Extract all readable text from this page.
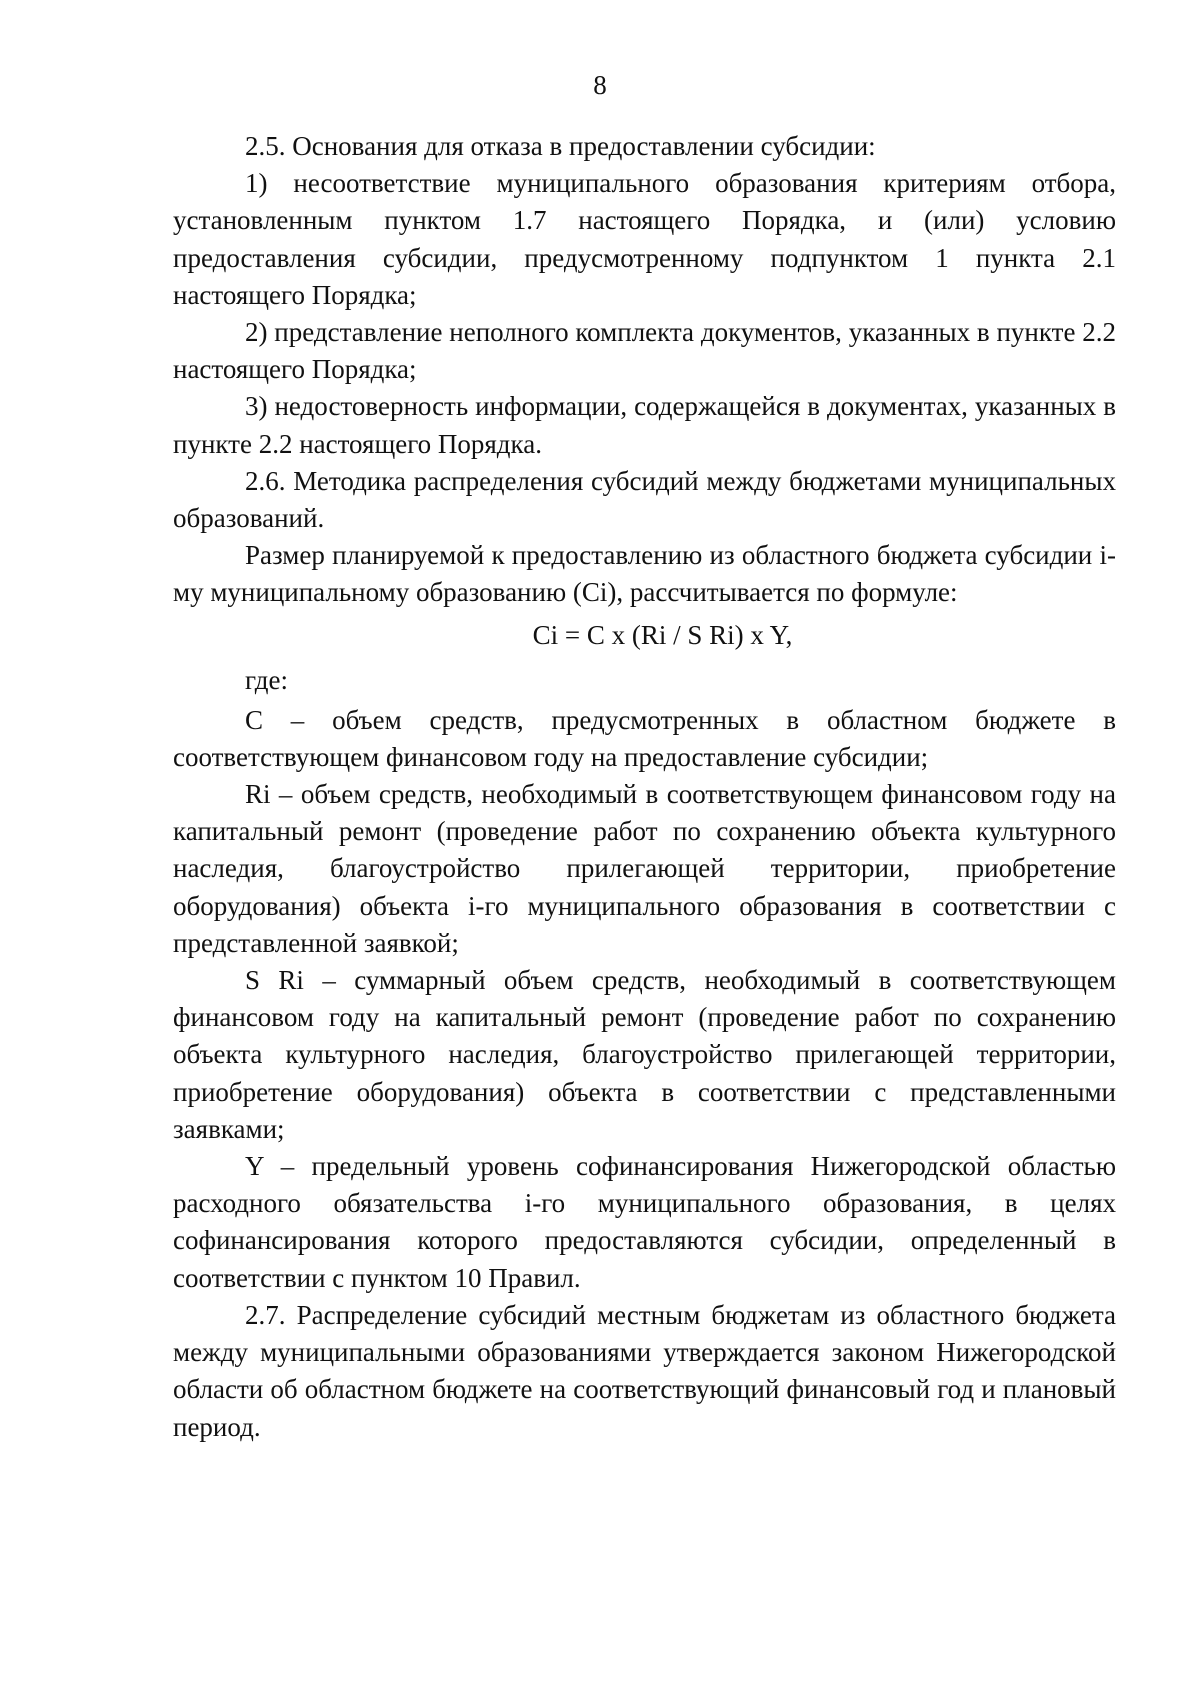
8

2.5. Основания для отказа в предоставлении субсидии:

1) несоответствие муниципального образования критериям отбора, установленным пунктом 1.7 настоящего Порядка, и (или) условию предоставления субсидии, предусмотренному подпунктом 1 пункта 2.1 настоящего Порядка;

2) представление неполного комплекта документов, указанных в пункте 2.2 настоящего Порядка;

3) недостоверность информации, содержащейся в документах, указанных в пункте 2.2 настоящего Порядка.

2.6. Методика распределения субсидий между бюджетами муниципальных образований.

Размер планируемой к предоставлению из областного бюджета субсидии i-му муниципальному образованию (Ci), рассчитывается по формуле:

Ci = C x (Ri / S Ri) x Y,

где:

C – объем средств, предусмотренных в областном бюджете в соответствующем финансовом году на предоставление субсидии;

Ri – объем средств, необходимый в соответствующем финансовом году на капитальный ремонт (проведение работ по сохранению объекта культурного наследия, благоустройство прилегающей территории, приобретение оборудования) объекта i-го муниципального образования в соответствии с представленной заявкой;

S Ri – суммарный объем средств, необходимый в соответствующем финансовом году на капитальный ремонт (проведение работ по сохранению объекта культурного наследия, благоустройство прилегающей территории, приобретение оборудования) объекта в соответствии с представленными заявками;

Y – предельный уровень софинансирования Нижегородской областью расходного обязательства i-го муниципального образования, в целях софинансирования которого предоставляются субсидии, определенный в соответствии с пунктом 10 Правил.

2.7. Распределение субсидий местным бюджетам из областного бюджета между муниципальными образованиями утверждается законом Нижегородской области об областном бюджете на соответствующий финансовый год и плановый период.
